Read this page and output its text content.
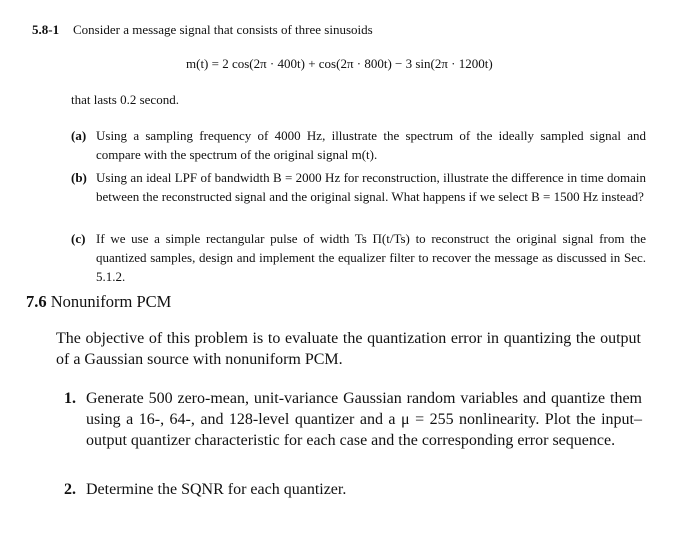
5.8-1 Consider a message signal that consists of three sinusoids
m(t) = 2 cos(2π · 400t) + cos(2π · 800t) − 3 sin(2π · 1200t)
that lasts 0.2 second.
(a) Using a sampling frequency of 4000 Hz, illustrate the spectrum of the ideally sampled signal and compare with the spectrum of the original signal m(t).
(b) Using an ideal LPF of bandwidth B = 2000 Hz for reconstruction, illustrate the difference in time domain between the reconstructed signal and the original signal. What happens if we select B = 1500 Hz instead?
(c) If we use a simple rectangular pulse of width Ts Π(t/Ts) to reconstruct the original signal from the quantized samples, design and implement the equalizer filter to recover the message as discussed in Sec. 5.1.2.
7.6 Nonuniform PCM
The objective of this problem is to evaluate the quantization error in quantizing the output of a Gaussian source with nonuniform PCM.
1. Generate 500 zero-mean, unit-variance Gaussian random variables and quantize them using a 16-, 64-, and 128-level quantizer and a μ = 255 nonlinearity. Plot the input–output quantizer characteristic for each case and the corresponding error sequence.
2. Determine the SQNR for each quantizer.
